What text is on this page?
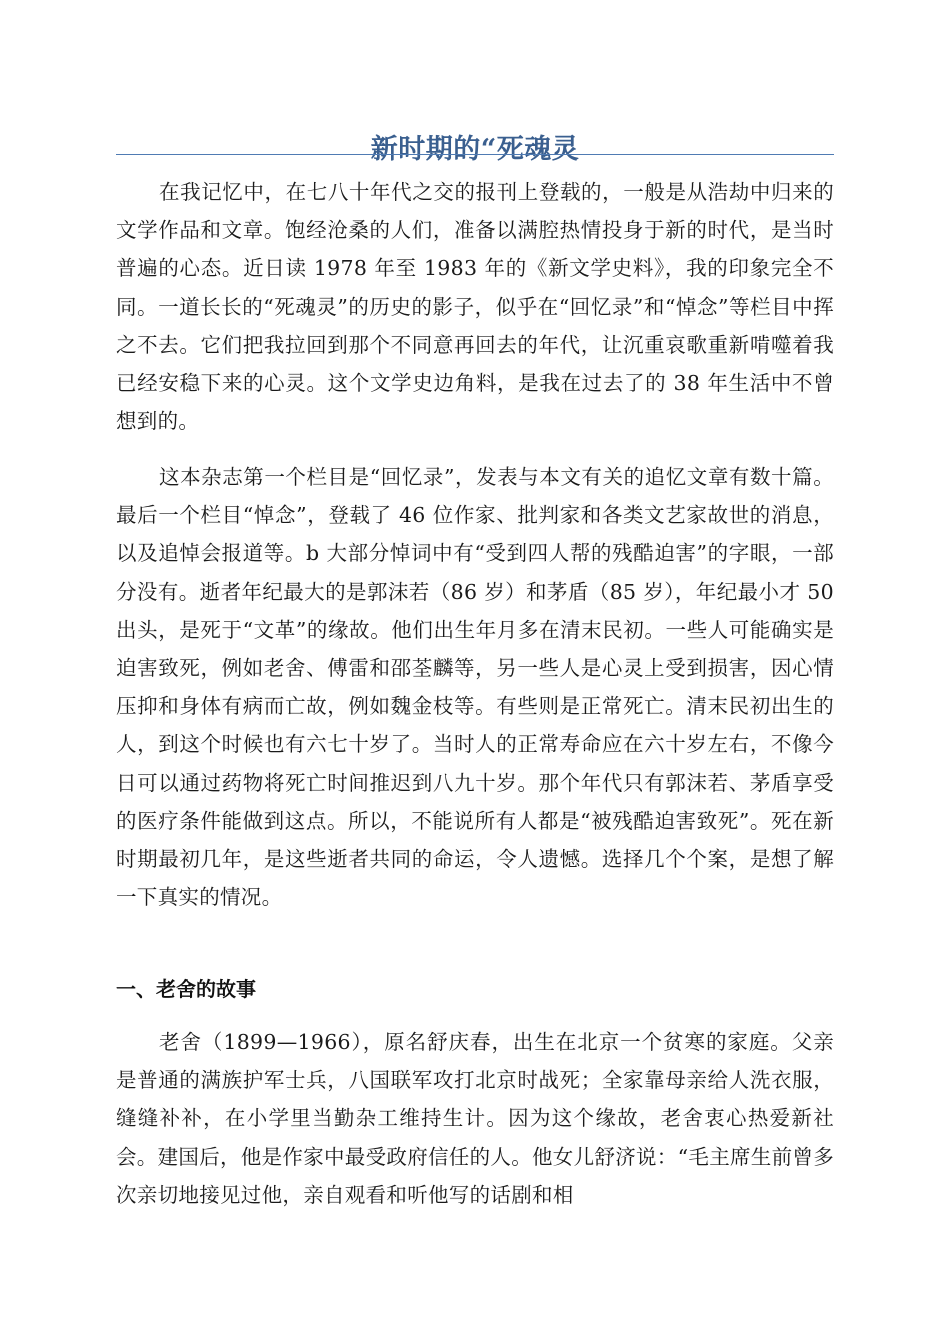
新时期的“死魂灵

在我记忆中，在七八十年代之交的报刊上登载的，一般是从浩劫中归来的文学作品和文章。饱经沧桑的人们，准备以满腔热情投身于新的时代，是当时普遍的心态。近日读 1978 年至 1983 年的《新文学史料》，我的印象完全不同。一道长长的“死魂灵”的历史的影子，似乎在“回忆录”和“悼念”等栏目中挥之不去。它们把我拉回到那个不同意再回去的年代，让沉重哀歌重新啃噬着我已经安稳下来的心灵。这个文学史边角料，是我在过去了的 38 年生活中不曾想到的。

这本杂志第一个栏目是“回忆录”，发表与本文有关的追忆文章有数十篇。最后一个栏目“悼念”，登载了 46 位作家、批判家和各类文艺家故世的消息，以及追悼会报道等。b 大部分悼词中有“受到四人帮的残酷迫害”的字眼，一部分没有。逝者年纪最大的是郭沫若（86 岁）和茅盾（85 岁），年纪最小才 50 出头，是死于“文革”的缘故。他们出生年月多在清末民初。一些人可能确实是迫害致死，例如老舍、傅雷和邵荃麟等，另一些人是心灵上受到损害，因心情压抑和身体有病而亡故，例如魏金枝等。有些则是正常死亡。清末民初出生的人，到这个时候也有六七十岁了。当时人的正常寿命应在六十岁左右，不像今日可以通过药物将死亡时间推迟到八九十岁。那个年代只有郭沫若、茅盾享受的医疗条件能做到这点。所以，不能说所有人都是“被残酷迫害致死”。死在新时期最初几年，是这些逝者共同的命运，令人遗憾。选择几个个案，是想了解一下真实的情况。

一、老舍的故事

老舍（1899—1966），原名舒庆春，出生在北京一个贫寒的家庭。父亲是普通的满族护军士兵，八国联军攻打北京时战死；全家靠母亲给人洗衣服，缝缝补补，在小学里当勤杂工维持生计。因为这个缘故，老舍衷心热爱新社会。建国后，他是作家中最受政府信任的人。他女儿舒济说：“毛主席生前曾多次亲切地接见过他，亲自观看和听他写的话剧和相
